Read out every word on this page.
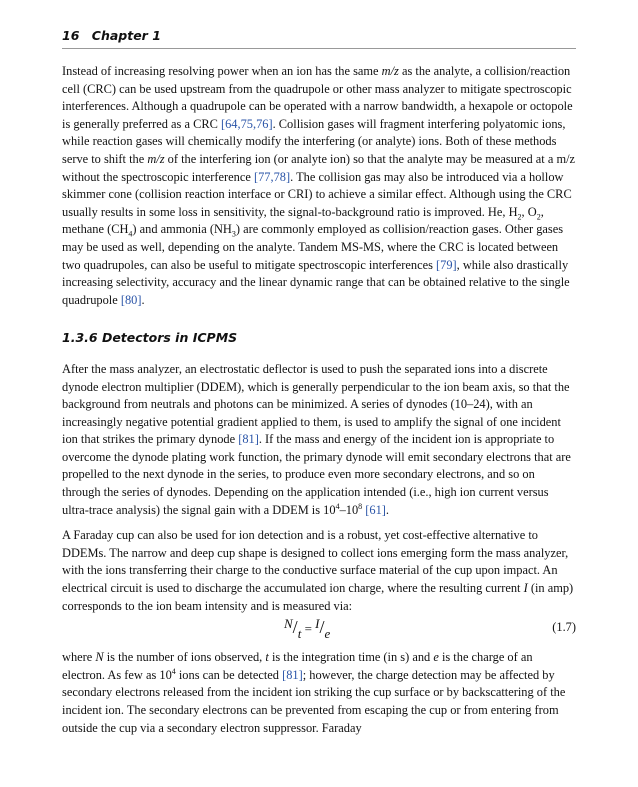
16 Chapter 1

Instead of increasing resolving power when an ion has the same m/z as the analyte, a collision/reaction cell (CRC) can be used upstream from the quadrupole or other mass analyzer to mitigate spectroscopic interferences. Although a quadrupole can be operated with a narrow bandwidth, a hexapole or octopole is generally preferred as a CRC [64,75,76]. Collision gases will fragment interfering polyatomic ions, while reaction gases will chemically modify the interfering (or analyte) ions. Both of these methods serve to shift the m/z of the interfering ion (or analyte ion) so that the analyte may be measured at a m/z without the spectroscopic interference [77,78]. The collision gas may also be introduced via a hollow skimmer cone (collision reaction interface or CRI) to achieve a similar effect. Although using the CRC usually results in some loss in sensitivity, the signal-to-background ratio is improved. He, $H_2$, $O_2$, methane $(CH_4)$ and ammonia $(NH_3)$ are commonly employed as collision/reaction gases. Other gases may be used as well, depending on the analyte. Tandem MS-MS, where the CRC is located between two quadrupoles, can also be useful to mitigate spectroscopic interferences [79], while also drastically increasing selectivity, accuracy and the linear dynamic range that can be obtained relative to the single quadrupole [80].

1.3.6 Detectors in ICPMS

After the mass analyzer, an electrostatic deflector is used to push the separated ions into a discrete dynode electron multiplier (DDEM), which is generally perpendicular to the ion beam axis, so that the background from neutrals and photons can be minimized. A series of dynodes (10–24), with an increasingly negative potential gradient applied to them, is used to amplify the signal of one incident ion that strikes the primary dynode [81]. If the mass and energy of the incident ion is appropriate to overcome the dynode plating work function, the primary dynode will emit secondary electrons that are propelled to the next dynode in the series, to produce even more secondary electrons, and so on through the series of dynodes. Depending on the application intended (i.e., high ion current versus ultra-trace analysis) the signal gain with a DDEM is $10^4-10^8$ [61].

A Faraday cup can also be used for ion detection and is a robust, yet cost-effective alternative to DDEMs. The narrow and deep cup shape is designed to collect ions emerging form the mass analyzer, with the ions transferring their charge to the conductive surface material of the cup upon impact. An electrical circuit is used to discharge the accumulated ion charge, where the resulting current I (in amp) corresponds to the ion beam intensity and is measured via:

N/t = I/e	(1.7)

where N is the number of ions observed, t is the integration time (in s) and e is the charge of an electron. As few as $10^4$ ions can be detected [81]; however, the charge detection may be affected by secondary electrons released from the incident ion striking the cup surface or by backscattering of the incident ion. The secondary electrons can be prevented from escaping the cup or from entering from outside the cup via a secondary electron suppressor. Faraday
